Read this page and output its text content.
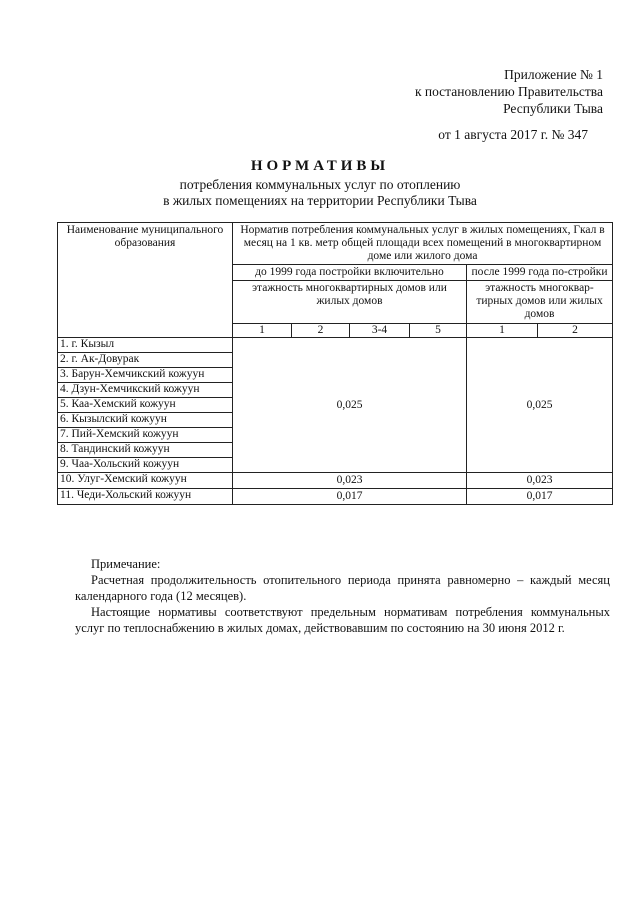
Приложение № 1
к постановлению Правительства
Республики Тыва
от 1 августа 2017 г. № 347
НОРМАТИВЫ
потребления коммунальных услуг по отоплению
в жилых помещениях на территории Республики Тыва
Наименование муниципального образования	Норматив потребления коммунальных услуг в жилых помещениях, Гкал в месяц на 1 кв. метр общей площади всех помещений в многоквартирном доме или жилого дома					
	до 1999 года постройки включительно				после 1999 года по-стройки	
	этажность многоквартирных домов или жилых домов				этажность многоквар-тирных домов или жилых домов	
	1	2	3-4	5	1	2
1. г. Кызыл	0,025				0,025	
2. г. Ак-Довурак						
3. Барун-Хемчикский кожуун						
4. Дзун-Хемчикский кожуун						
5. Каа-Хемский кожуун						
6. Кызылский кожуун						
7. Пий-Хемский кожуун						
8. Тандинский кожуун						
9. Чаа-Хольский кожуун						
10. Улуг-Хемский кожуун	0,023				0,023	
11. Чеди-Хольский кожуун	0,017				0,017	

Примечание:

Расчетная продолжительность отопительного периода принята равномерно – каждый месяц календарного года (12 месяцев).

Настоящие нормативы соответствуют предельным нормативам потребления коммунальных услуг по теплоснабжению в жилых домах, действовавшим по состоянию на 30 июня 2012 г.
